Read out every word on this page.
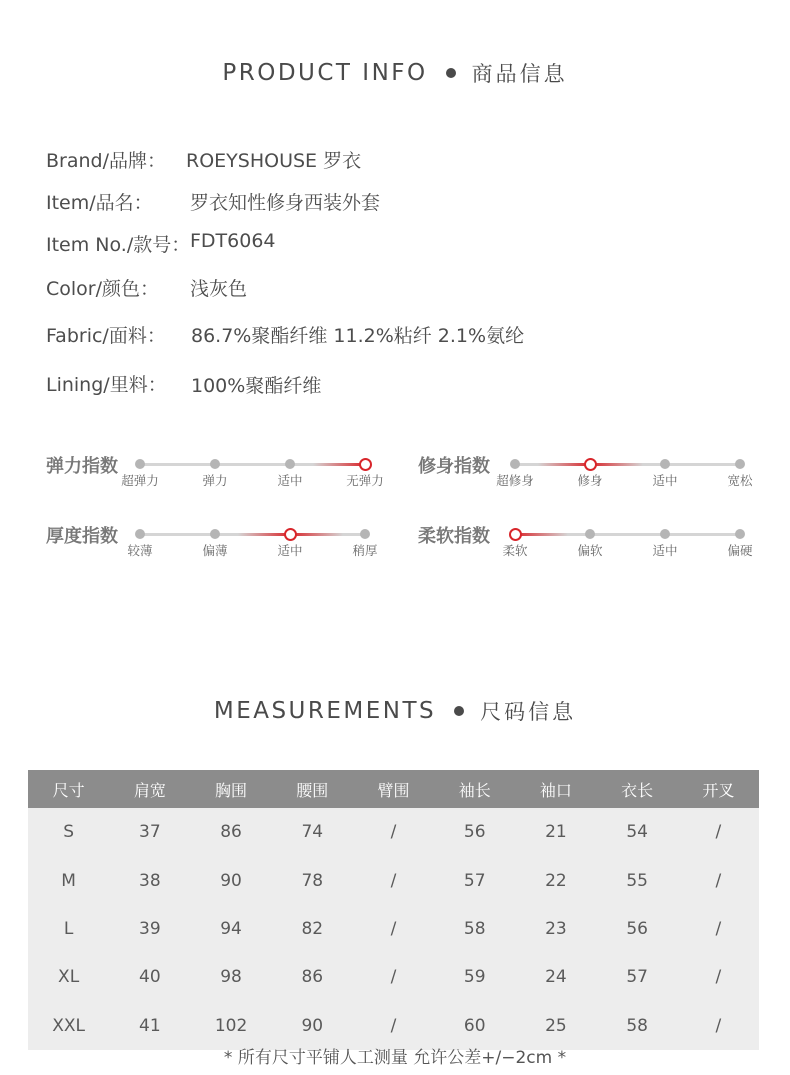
PRODUCT INFO 商品信息
Brand/品牌： ROEYSHOUSE 罗衣
Item/品名： 罗衣知性修身西装外套
Item No./款号： FDT6064
Color/颜色： 浅灰色
Fabric/面料： 86.7%聚酯纤维 11.2%粘纤 2.1%氨纶
Lining/里料： 100%聚酯纤维
弹力指数
超弹力	弹力	适中	无弹力
修身指数
超修身	修身	适中	宽松
厚度指数
较薄	偏薄	适中	稍厚
柔软指数
柔软	偏软	适中	偏硬
MEASUREMENTS 尺码信息
尺寸	肩宽	胸围	腰围	臂围	袖长	袖口	衣长	开叉
S	37	86	74	/	56	21	54	/
M	38	90	78	/	57	22	55	/
L	39	94	82	/	58	23	56	/
XL	40	98	86	/	59	24	57	/
XXL	41	102	90	/	60	25	58	/
* 所有尺寸平铺人工测量 允许公差+/−2cm *
